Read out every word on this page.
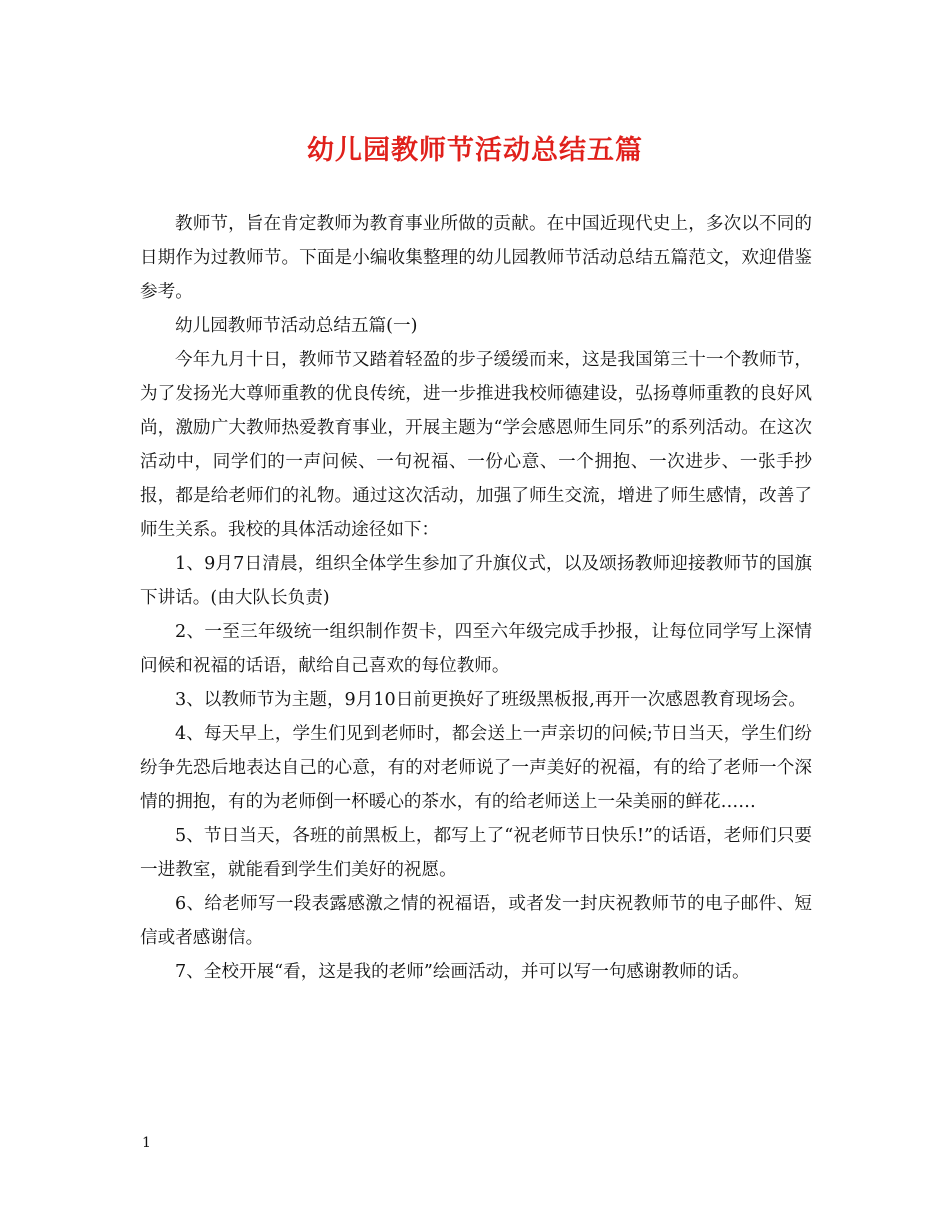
幼儿园教师节活动总结五篇

教师节，旨在肯定教师为教育事业所做的贡献。在中国近现代史上，多次以不同的日期作为过教师节。下面是小编收集整理的幼儿园教师节活动总结五篇范文，欢迎借鉴参考。

幼儿园教师节活动总结五篇(一)

今年九月十日，教师节又踏着轻盈的步子缓缓而来，这是我国第三十一个教师节，为了发扬光大尊师重教的优良传统，进一步推进我校师德建设，弘扬尊师重教的良好风尚，激励广大教师热爱教育事业，开展主题为“学会感恩师生同乐”的系列活动。在这次活动中，同学们的一声问候、一句祝福、一份心意、一个拥抱、一次进步、一张手抄报，都是给老师们的礼物。通过这次活动，加强了师生交流，增进了师生感情，改善了师生关系。我校的具体活动途径如下：

1、9月7日清晨，组织全体学生参加了升旗仪式，以及颂扬教师迎接教师节的国旗下讲话。(由大队长负责)

2、一至三年级统一组织制作贺卡，四至六年级完成手抄报，让每位同学写上深情问候和祝福的话语，献给自己喜欢的每位教师。

3、以教师节为主题，9月10日前更换好了班级黑板报,再开一次感恩教育现场会。

4、每天早上，学生们见到老师时，都会送上一声亲切的问候;节日当天，学生们纷纷争先恐后地表达自己的心意，有的对老师说了一声美好的祝福，有的给了老师一个深情的拥抱，有的为老师倒一杯暖心的茶水，有的给老师送上一朵美丽的鲜花……

5、节日当天，各班的前黑板上，都写上了“祝老师节日快乐!”的话语，老师们只要一进教室，就能看到学生们美好的祝愿。

6、给老师写一段表露感激之情的祝福语，或者发一封庆祝教师节的电子邮件、短信或者感谢信。

7、全校开展“看，这是我的老师”绘画活动，并可以写一句感谢教师的话。

1
